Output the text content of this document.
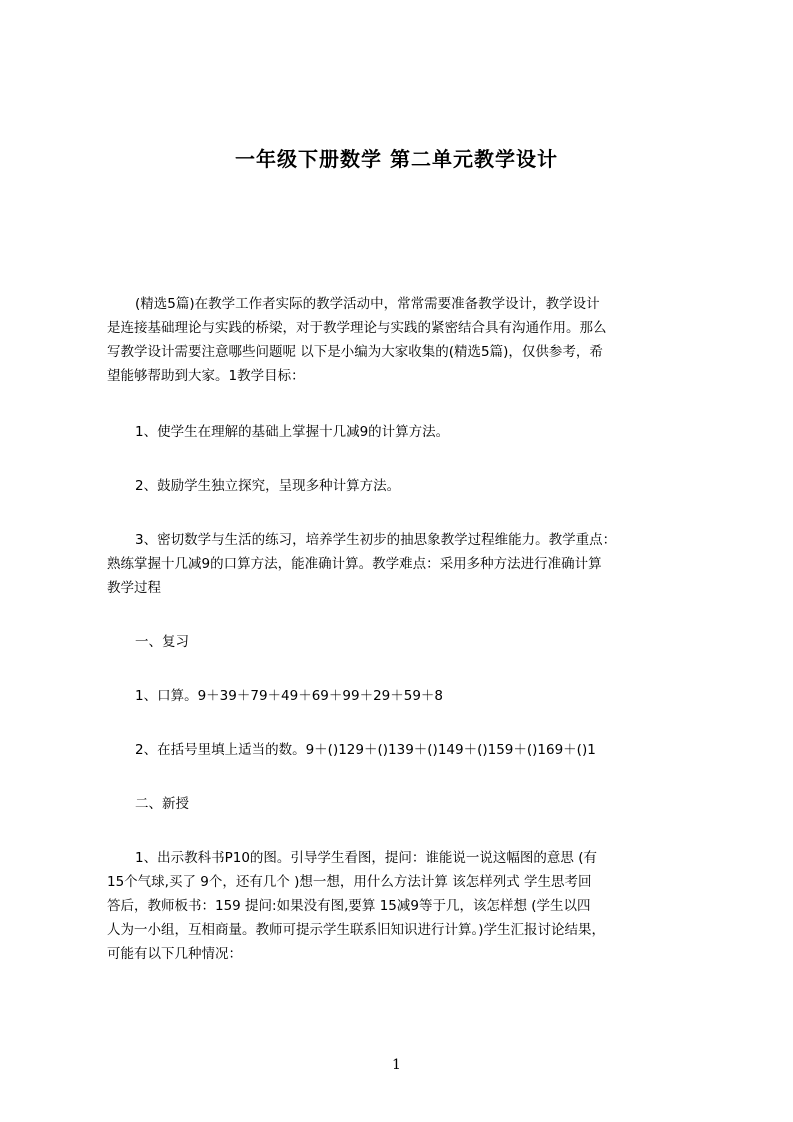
一年级下册数学 第二单元教学设计
(精选5篇)在教学工作者实际的教学活动中，常常需要准备教学设计，教学设计
是连接基础理论与实践的桥梁，对于教学理论与实践的紧密结合具有沟通作用。那么
写教学设计需要注意哪些问题呢 以下是小编为大家收集的(精选5篇)，仅供参考，希
望能够帮助到大家。1教学目标：
1、使学生在理解的基础上掌握十几减9的计算方法。
2、鼓励学生独立探究，呈现多种计算方法。
3、密切数学与生活的练习，培养学生初步的抽思象教学过程维能力。教学重点：
熟练掌握十几减9的口算方法，能准确计算。教学难点：采用多种方法进行准确计算
教学过程
一、复习
1、口算。9＋39＋79＋49＋69＋99＋29＋59＋8
2、在括号里填上适当的数。9＋()129＋()139＋()149＋()159＋()169＋()1
二、新授
1、出示教科书P10的图。引导学生看图，提问：谁能说一说这幅图的意思 (有
15个气球,买了 9个，还有几个 )想一想，用什么方法计算 该怎样列式 学生思考回
答后，教师板书：159 提问:如果没有图,要算 15减9等于几，该怎样想 (学生以四
人为一小组，互相商量。教师可提示学生联系旧知识进行计算。)学生汇报讨论结果，
可能有以下几种情况：
1
